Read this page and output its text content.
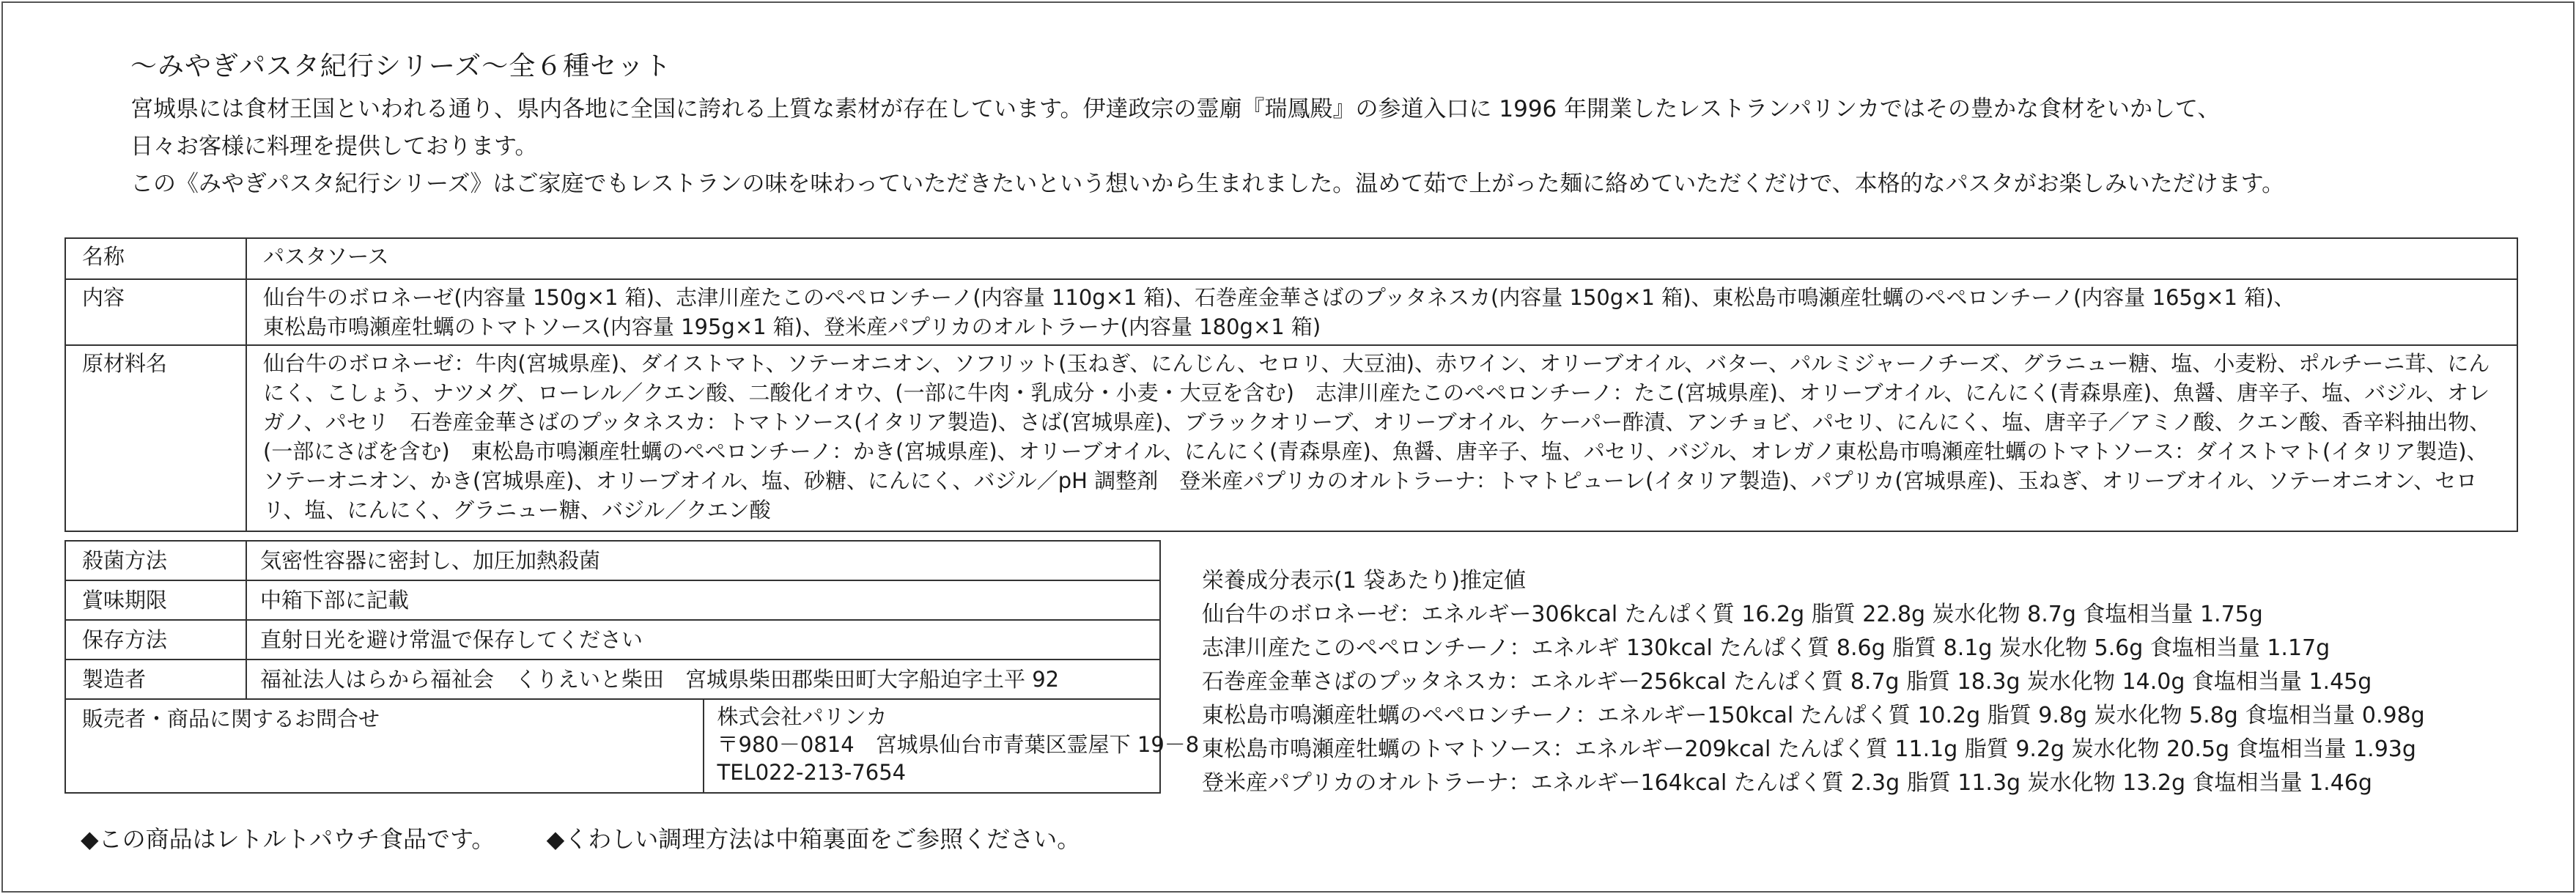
～みやぎパスタ紀行シリーズ～全６種セット

宮城県には食材王国といわれる通り、県内各地に全国に誇れる上質な素材が存在しています。伊達政宗の霊廟『瑞鳳殿』の参道入口に 1996 年開業したレストランパリンカではその豊かな食材をいかして、

日々お客様に料理を提供しております。

この《みやぎパスタ紀行シリーズ》はご家庭でもレストランの味を味わっていただきたいという想いから生まれました。温めて茹で上がった麺に絡めていただくだけで、本格的なパスタがお楽しみいただけます。

名称	パスタソース
内容	仙台牛のボロネーゼ(内容量 150g×1 箱)、志津川産たこのペペロンチーノ(内容量 110g×1 箱)、石巻産金華さばのプッタネスカ(内容量 150g×1 箱)、東松島市鳴瀬産牡蠣のペペロンチーノ(内容量 165g×1 箱)、
東松島市鳴瀬産牡蠣のトマトソース(内容量 195g×1 箱)、登米産パプリカのオルトラーナ(内容量 180g×1 箱)

原材料名	仙台牛のボロネーゼ：牛肉(宮城県産)、ダイストマト、ソテーオニオン、ソフリット(玉ねぎ、にんじん、セロリ、大豆油)、赤ワイン、オリーブオイル、バター、パルミジャーノチーズ、グラニュー糖、塩、小麦粉、ポルチーニ茸、にんにく、こしょう、ナツメグ、ローレル／クエン酸、二酸化イオウ、(一部に牛肉・乳成分・小麦・大豆を含む)　志津川産たこのペペロンチーノ：たこ(宮城県産)、オリーブオイル、にんにく(青森県産)、魚醤、唐辛子、塩、バジル、オレガノ、パセリ　石巻産金華さばのプッタネスカ：トマトソース(イタリア製造)、さば(宮城県産)、ブラックオリーブ、オリーブオイル、ケーパー酢漬、アンチョビ、パセリ、にんにく、塩、唐辛子／アミノ酸、クエン酸、香辛料抽出物、(一部にさばを含む)　東松島市鳴瀬産牡蠣のペペロンチーノ：かき(宮城県産)、オリーブオイル、にんにく(青森県産)、魚醤、唐辛子、塩、パセリ、バジル、オレガノ東松島市鳴瀬産牡蠣のトマトソース：ダイストマト(イタリア製造)、ソテーオニオン、かき(宮城県産)、オリーブオイル、塩、砂糖、にんにく、バジル／pH 調整剤　登米産パプリカのオルトラーナ：トマトピューレ(イタリア製造)、パプリカ(宮城県産)、玉ねぎ、オリーブオイル、ソテーオニオン、セロリ、塩、にんにく、グラニュー糖、バジル／クエン酸
殺菌方法	気密性容器に密封し、加圧加熱殺菌	
賞味期限	中箱下部に記載	
保存方法	直射日光を避け常温で保存してください	
製造者	福祉法人はらから福祉会　くりえいと柴田　宮城県柴田郡柴田町大字船迫字土平 92	
販売者・商品に関するお問合せ		株式会社パリンカ
〒980－0814　宮城県仙台市青葉区霊屋下 19－8
TEL022-213-7654
栄養成分表示(1 袋あたり)推定値
仙台牛のボロネーゼ：エネルギー306kcal たんぱく質 16.2g 脂質 22.8g 炭水化物 8.7g 食塩相当量 1.75g
志津川産たこのペペロンチーノ：エネルギ 130kcal たんぱく質 8.6g 脂質 8.1g 炭水化物 5.6g 食塩相当量 1.17g
石巻産金華さばのプッタネスカ：エネルギー256kcal たんぱく質 8.7g 脂質 18.3g 炭水化物 14.0g 食塩相当量 1.45g
東松島市鳴瀬産牡蠣のペペロンチーノ：エネルギー150kcal たんぱく質 10.2g 脂質 9.8g 炭水化物 5.8g 食塩相当量 0.98g
東松島市鳴瀬産牡蠣のトマトソース：エネルギー209kcal たんぱく質 11.1g 脂質 9.2g 炭水化物 20.5g 食塩相当量 1.93g
登米産パプリカのオルトラーナ：エネルギー164kcal たんぱく質 2.3g 脂質 11.3g 炭水化物 13.2g 食塩相当量 1.46g
◆この商品はレトルトパウチ食品です。 ◆くわしい調理方法は中箱裏面をご参照ください。
